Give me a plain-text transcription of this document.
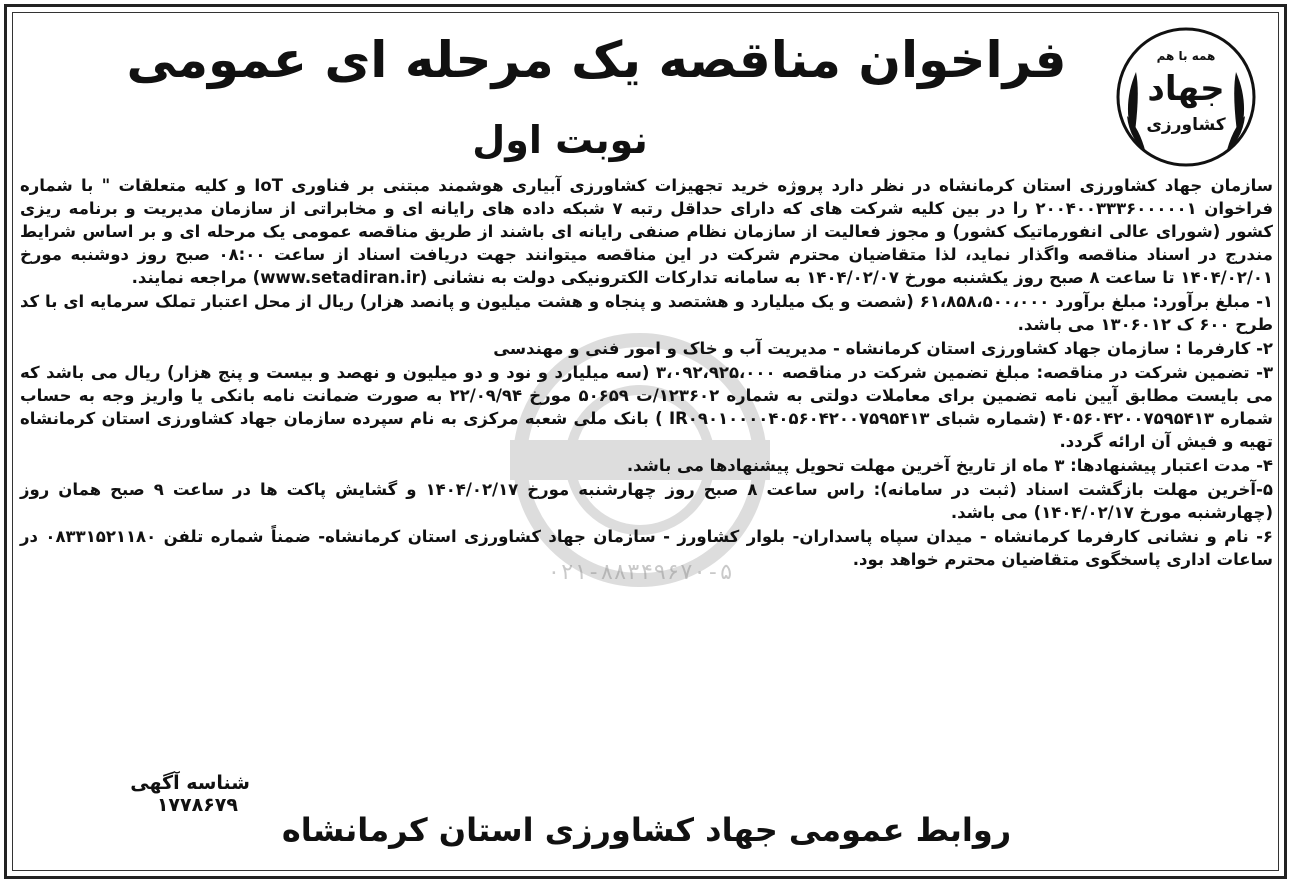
۰۲۱-۸۸۳۴۹۶۷۰-۵
همه با هم
جهاد
کشاورزی
فراخوان مناقصه یک مرحله ای عمومی
نوبت اول

سازمان جهاد کشاورزی استان کرمانشاه در نظر دارد پروژه خرید تجهیزات کشاورزی آبیاری هوشمند مبتنی بر فناوری IoT و کلیه متعلقات " با شماره فراخوان ۲۰۰۴۰۰۳۳۳۶۰۰۰۰۰۱ را در بین کلیه شرکت های که دارای حداقل رتبه ۷ شبکه داده های رایانه ای و مخابراتی از سازمان مدیریت و برنامه ریزی کشور (شورای عالی انفورماتیک کشور) و مجوز فعالیت از سازمان نظام صنفی رایانه ای باشند از طریق مناقصه عمومی یک مرحله ای و بر اساس شرایط مندرج در اسناد مناقصه واگذار نماید، لذا متقاضیان محترم شرکت در این مناقصه میتوانند جهت دریافت اسناد از ساعت ۰۸:۰۰ صبح روز دوشنبه مورخ ۱۴۰۴/۰۲/۰۱ تا ساعت ۸ صبح روز یکشنبه مورخ ۱۴۰۴/۰۲/۰۷ به سامانه تدارکات الکترونیکی دولت به نشانی (www.setadiran.ir) مراجعه نمایند.

۱- مبلغ برآورد: مبلغ برآورد ۶۱،۸۵۸،۵۰۰،۰۰۰ (شصت و یک میلیارد و هشتصد و پنجاه و هشت میلیون و پانصد هزار) ریال از محل اعتبار تملک سرمایه ای با کد طرح ۶۰۰ ک ۱۳۰۶۰۱۲ می باشد.

۲- کارفرما : سازمان جهاد کشاورزی استان کرمانشاه - مدیریت آب و خاک و امور فنی و مهندسی

۳- تضمین شرکت در مناقصه: مبلغ تضمین شرکت در مناقصه ۳،۰۹۲،۹۲۵،۰۰۰ (سه میلیارد و نود و دو میلیون و نهصد و بیست و پنج هزار) ریال می باشد که می بایست مطابق آیین نامه تضمین برای معاملات دولتی به شماره ۱۲۳۶۰۲/ت ۵۰۶۵۹ مورخ ۲۲/۰۹/۹۴ به صورت ضمانت نامه بانکی یا واریز وجه به حساب شماره ۴۰۵۶۰۴۲۰۰۷۵۹۵۴۱۳ (شماره شبای IR۰۹۰۱۰۰۰۰۴۰۵۶۰۴۲۰۰۷۵۹۵۴۱۳ ) بانک ملی شعبه مرکزی به نام سپرده سازمان جهاد کشاورزی استان کرمانشاه تهیه و فیش آن ارائه گردد.

۴- مدت اعتبار پیشنهادها: ۳ ماه از تاریخ آخرین مهلت تحویل پیشنهادها می باشد.

۵-آخرین مهلت بازگشت اسناد (ثبت در سامانه): راس ساعت ۸ صبح روز چهارشنبه مورخ ۱۴۰۴/۰۲/۱۷ و گشایش پاکت ها در ساعت ۹ صبح همان روز (چهارشنبه مورخ ۱۴۰۴/۰۲/۱۷) می باشد.

۶- نام و نشانی کارفرما کرمانشاه - میدان سپاه پاسداران- بلوار کشاورز - سازمان جهاد کشاورزی استان کرمانشاه- ضمناً شماره تلفن ۰۸۳۳۱۵۲۱۱۸۰ در ساعات اداری پاسخگوی متقاضیان محترم خواهد بود.

شناسه آگهی ۱۷۷۸۶۷۹
روابط عمومی جهاد کشاورزی استان کرمانشاه
